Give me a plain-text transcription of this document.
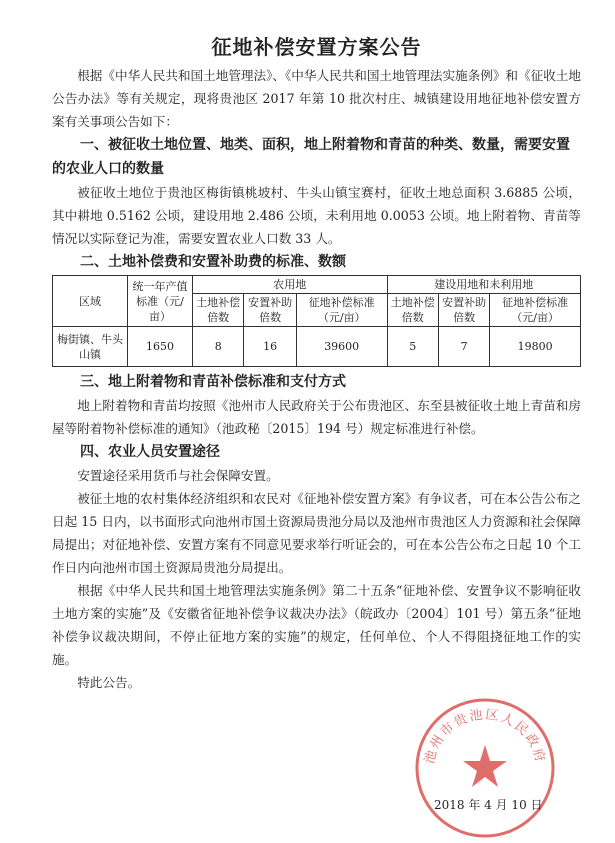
征地补偿安置方案公告

根据《中华人民共和国土地管理法》、《中华人民共和国土地管理法实施条例》和《征收土地公告办法》等有关规定，现将贵池区 2017 年第 10 批次村庄、城镇建设用地征地补偿安置方案有关事项公告如下：

一、被征收土地位置、地类、面积，地上附着物和青苗的种类、数量，需要安置的农业人口的数量

被征收土地位于贵池区梅街镇桃坡村、牛头山镇宝赛村，征收土地总面积 3.6885 公顷，其中耕地 0.5162 公顷，建设用地 2.486 公顷，未利用地 0.0053 公顷。地上附着物、青苗等情况以实际登记为准，需要安置农业人口数 33 人。

二、土地补偿费和安置补助费的标准、数额

区域	统一年产值标准（元/亩）	农用地			建设用地和未利用地		
		土地补偿倍数	安置补助倍数	征地补偿标准（元/亩）	土地补偿倍数	安置补助倍数	征地补偿标准（元/亩）
梅街镇、牛头山镇	1650	8	16	39600	5	7	19800

三、地上附着物和青苗补偿标准和支付方式

地上附着物和青苗均按照《池州市人民政府关于公布贵池区、东至县被征收土地上青苗和房屋等附着物补偿标准的通知》（池政秘〔2015〕194 号）规定标准进行补偿。

四、农业人员安置途径

安置途径采用货币与社会保障安置。

被征土地的农村集体经济组织和农民对《征地补偿安置方案》有争议者，可在本公告公布之日起 15 日内，以书面形式向池州市国土资源局贵池分局以及池州市贵池区人力资源和社会保障局提出；对征地补偿、安置方案有不同意见要求举行听证会的，可在本公告公布之日起 10 个工作日内向池州市国土资源局贵池分局提出。

根据《中华人民共和国土地管理法实施条例》第二十五条“征地补偿、安置争议不影响征收土地方案的实施”及《安徽省征地补偿争议裁决办法》（皖政办〔2004〕101 号）第五条“征地补偿争议裁决期间，不停止征地方案的实施”的规定，任何单位、个人不得阻挠征地工作的实施。

特此公告。

池州市贵池区人民政府
2018 年 4 月 10 日
